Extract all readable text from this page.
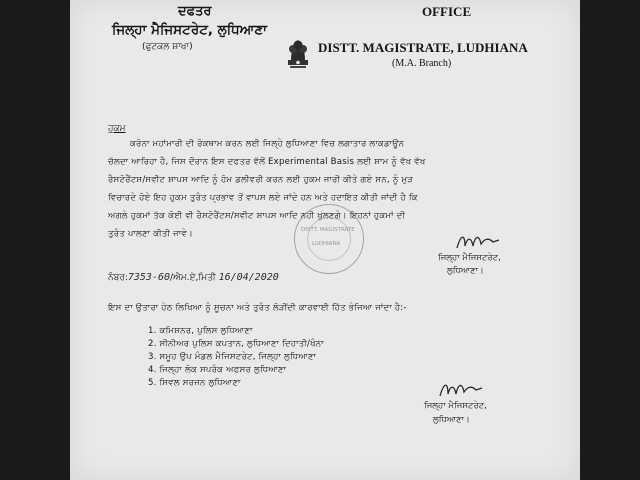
ਦਫਤਰ
ਜਿਲ੍ਹਾ ਮੈਜਿਸਟਰੇਟ, ਲੁਧਿਆਣਾ
(ਫੁਟਕਲ ਸ਼ਾਖਾ)
OFFICE
DISTT. MAGISTRATE, LUDHIANA
(M.A. Branch)
ਹੁਕਮ
ਕਰੋਨਾ ਮਹਾਂਮਾਰੀ ਦੀ ਰੋਕਥਾਮ ਕਰਨ ਲਈ ਜਿਲ੍ਹੇ ਲੁਧਿਆਣਾ ਵਿਚ ਲਗਾਤਾਰ ਲਾਕਡਾਊਨ
ਚੱਲਦਾ ਆਰਿਹਾ ਹੈ, ਜਿਸ ਦੌਰਾਨ ਇਸ ਦਫਤਰ ਵੱਲੋਂ Experimental Basis ਲਈ ਸ਼ਾਮ ਨੂੰ ਵੱਖ ਵੱਖ
ਰੈਸਟੋਰੈਂਟਸ/ਸਵੀਟ ਸ਼ਾਪਸ ਆਦਿ ਨੂੰ ਹੋਮ ਡਲੀਵਰੀ ਕਰਨ ਲਈ ਹੁਕਮ ਜਾਰੀ ਕੀਤੇ ਗਏ ਸਨ, ਨੂੰ ਮੁੜ
ਵਿਚਾਰਦੇ ਹੋਏ ਇਹ ਹੁਕਮ ਤੁਰੰਤ ਪ੍ਰਭਾਵ ਤੋਂ ਵਾਪਸ ਲਏ ਜਾਂਦੇ ਹਨ ਅਤੇ ਹਦਾਇਤ ਕੀਤੀ ਜਾਂਦੀ ਹੈ ਕਿ
ਅਗਲੇ ਹੁਕਮਾਂ ਤੱਕ ਕੋਈ ਵੀ ਰੈਸਟੋਰੈਂਟਸ/ਸਵੀਟ ਸ਼ਾਪਸ ਆਦਿ ਨਹੀ ਖੁਲਣਗੇ। ਇਹਨਾਂ ਹੁਕਮਾਂ ਦੀ
ਤੁਰੰਤ ਪਾਲਣਾ ਕੀਤੀ ਜਾਵੇ।	DISTT. MAGISTRATE
LUDHIANA
ਜਿਲ੍ਹਾ ਮੈਜਿਸਟਰੇਟ,
ਲੁਧਿਆਣਾ।
ਨੰਬਰ:7353-60/ਐਮ.ਏ,ਮਿਤੀ 16/04/2020
ਇਸ ਦਾ ਉਤਾਰਾ ਹੇਠ ਲਿਖਿਆ ਨੂੰ ਸੂਚਨਾ ਅਤੇ ਤੁਰੰਤ ਲੋੜੀਂਦੀ ਕਾਰਵਾਈ ਹਿੱਤ ਭੇਜਿਆ ਜਾਂਦਾ ਹੈ:-
1. ਕਮਿਸ਼ਨਰ, ਪੁਲਿਸ ਲੁਧਿਆਣਾ
2. ਸੀਨੀਅਰ ਪੁਲਿਸ ਕਪਤਾਨ, ਲੁਧਿਆਣਾ ਦਿਹਾਤੀ/ਖੰਨਾ
3. ਸਮੂਹ ਉਪ ਮੰਡਲ ਮੈਜਿਸਟਰੇਟ, ਜਿਲ੍ਹਾ ਲੁਧਿਆਣਾ
4. ਜਿਲ੍ਹਾ ਲੋਕ ਸਪਰੰਕ ਅਫਸਰ ਲੁਧਿਆਣਾ
5. ਸਿਵਲ ਸਰਜਨ ਲੁਧਿਆਣਾ
ਜਿਲ੍ਹਾ ਮੈਜਿਸਟਰੇਟ,
ਲੁਧਿਆਣਾ।
